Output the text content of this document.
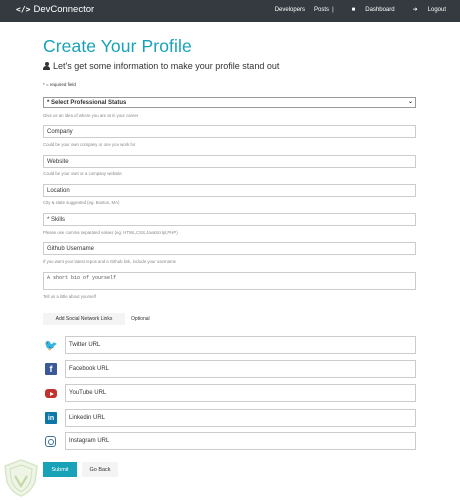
</> DevConnector	Developers Posts |	■ Dashboard	➜ Logout
Create Your Profile
Let's get some information to make your profile stand out
* = required field
* Select Professional Status	⌄
Give us an idea of where you are at in your career
Company
Could be your own company or one you work for
Website
Could be your own or a company website
Location
City & state suggested (eg. Boston, MA)
* Skills
Please use comma separated values (eg. HTML,CSS,JavaScript,PHP)
Github Username
If you want your latest repos and a Github link, include your username
A short bio of yourself
Tell us a little about yourself
Add Social Network Links	Optional
🐦	Twitter URL
f	Facebook URL
YouTube URL
in	Linkedin URL
Instagram URL
Submit	Go Back
